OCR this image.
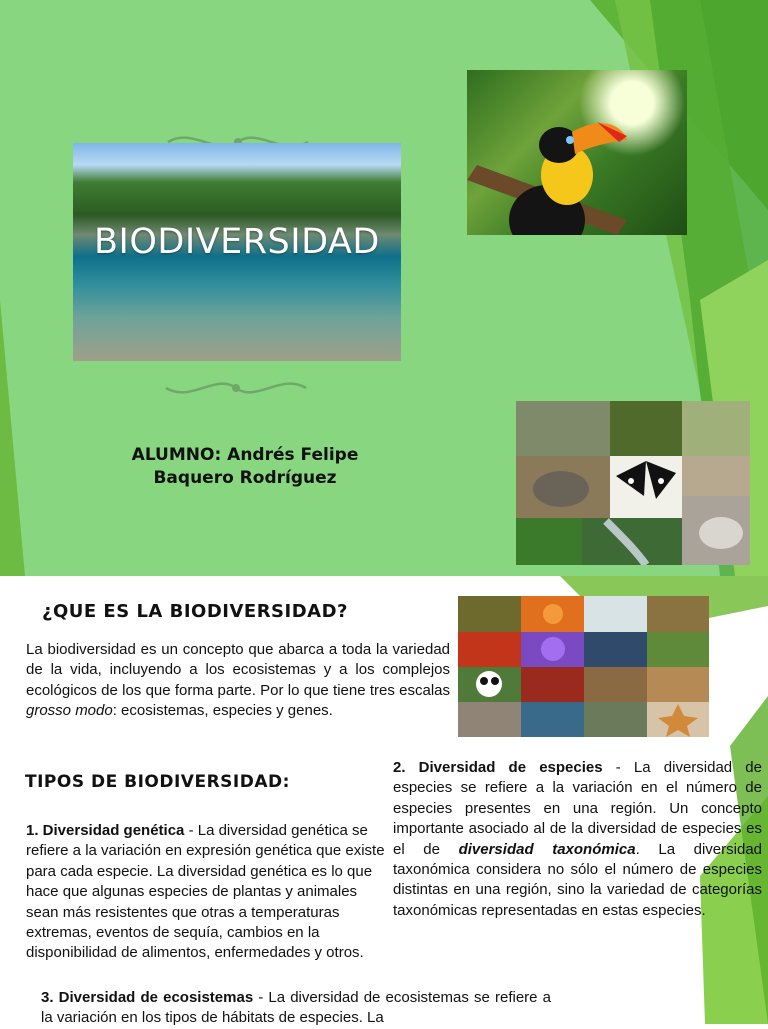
BIODIVERSIDAD
ALUMNO: Andrés Felipe
Baquero Rodríguez
¿QUE ES LA BIODIVERSIDAD?
La biodiversidad es un concepto que abarca a toda la variedad de la vida, incluyendo a los ecosistemas y a los complejos ecológicos de los que forma parte. Por lo que tiene tres escalas grosso modo: ecosistemas, especies y genes.
TIPOS DE BIODIVERSIDAD:
1. Diversidad genética - La diversidad genética se refiere a la variación en expresión genética que existe para cada especie. La diversidad genética es lo que hace que algunas especies de plantas y animales sean más resistentes que otras a temperaturas extremas, eventos de sequía, cambios en la disponibilidad de alimentos, enfermedades y otros.
2. Diversidad de especies - La diversidad de especies se refiere a la variación en el número de especies presentes en una región. Un concepto importante asociado al de la diversidad de especies es el de diversidad taxonómica. La diversidad taxonómica considera no sólo el número de especies distintas en una región, sino la variedad de categorías taxonómicas representadas en estas especies.
3. Diversidad de ecosistemas - La diversidad de ecosistemas se refiere a la variación en los tipos de hábitats de especies. La
